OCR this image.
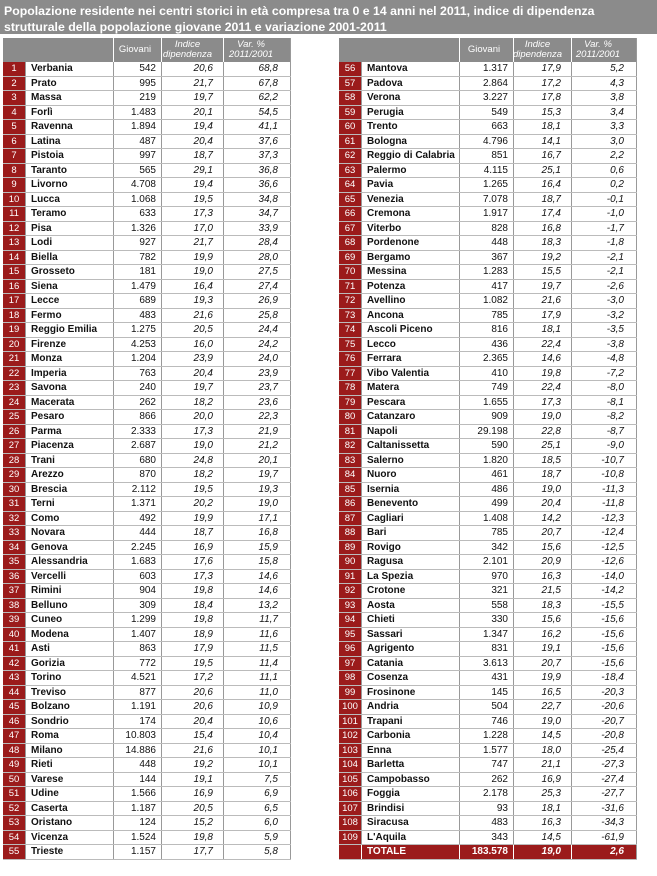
Popolazione residente nei centri storici in età compresa tra 0 e 14 anni nel 2011, indice di dipendenza strutturale della popolazione giovane 2011 e variazione 2001-2011
Giovani	Indice dipendenza
Var. % 2011/2001
1	Verbania	542	20,6	68,8
2	Prato	995	21,7	67,8
3	Massa	219	19,7	62,2
4	Forlì	1.483	20,1	54,5
5	Ravenna	1.894	19,4	41,1
6	Latina	487	20,4	37,6
7	Pistoia	997	18,7	37,3
8	Taranto	565	29,1	36,8
9	Livorno	4.708	19,4	36,6
10	Lucca	1.068	19,5	34,8
11	Teramo	633	17,3	34,7
12	Pisa	1.326	17,0	33,9
13	Lodi	927	21,7	28,4
14	Biella	782	19,9	28,0
15	Grosseto	181	19,0	27,5
16	Siena	1.479	16,4	27,4
17	Lecce	689	19,3	26,9
18	Fermo	483	21,6	25,8
19	Reggio Emilia	1.275	20,5	24,4
20	Firenze	4.253	16,0	24,2
21	Monza	1.204	23,9	24,0
22	Imperia	763	20,4	23,9
23	Savona	240	19,7	23,7
24	Macerata	262	18,2	23,6
25	Pesaro	866	20,0	22,3
26	Parma	2.333	17,3	21,9
27	Piacenza	2.687	19,0	21,2
28	Trani	680	24,8	20,1
29	Arezzo	870	18,2	19,7
30	Brescia	2.112	19,5	19,3
31	Terni	1.371	20,2	19,0
32	Como	492	19,9	17,1
33	Novara	444	18,7	16,8
34	Genova	2.245	16,9	15,9
35	Alessandria	1.683	17,6	15,8
36	Vercelli	603	17,3	14,6
37	Rimini	904	19,8	14,6
38	Belluno	309	18,4	13,2
39	Cuneo	1.299	19,8	11,7
40	Modena	1.407	18,9	11,6
41	Asti	863	17,9	11,5
42	Gorizia	772	19,5	11,4
43	Torino	4.521	17,2	11,1
44	Treviso	877	20,6	11,0
45	Bolzano	1.191	20,6	10,9
46	Sondrio	174	20,4	10,6
47	Roma	10.803	15,4	10,4
48	Milano	14.886	21,6	10,1
49	Rieti	448	19,2	10,1
50	Varese	144	19,1	7,5
51	Udine	1.566	16,9	6,9
52	Caserta	1.187	20,5	6,5
53	Oristano	124	15,2	6,0
54	Vicenza	1.524	19,8	5,9
55	Trieste	1.157	17,7	5,8
Giovani	Indice dipendenza
Var. % 2011/2001
56	Mantova	1.317	17,9	5,2
57	Padova	2.864	17,2	4,3
58	Verona	3.227	17,8	3,8
59	Perugia	549	15,3	3,4
60	Trento	663	18,1	3,3
61	Bologna	4.796	14,1	3,0
62	Reggio di Calabria	851	16,7	2,2
63	Palermo	4.115	25,1	0,6
64	Pavia	1.265	16,4	0,2
65	Venezia	7.078	18,7	-0,1
66	Cremona	1.917	17,4	-1,0
67	Viterbo	828	16,8	-1,7
68	Pordenone	448	18,3	-1,8
69	Bergamo	367	19,2	-2,1
70	Messina	1.283	15,5	-2,1
71	Potenza	417	19,7	-2,6
72	Avellino	1.082	21,6	-3,0
73	Ancona	785	17,9	-3,2
74	Ascoli Piceno	816	18,1	-3,5
75	Lecco	436	22,4	-3,8
76	Ferrara	2.365	14,6	-4,8
77	Vibo Valentia	410	19,8	-7,2
78	Matera	749	22,4	-8,0
79	Pescara	1.655	17,3	-8,1
80	Catanzaro	909	19,0	-8,2
81	Napoli	29.198	22,8	-8,7
82	Caltanissetta	590	25,1	-9,0
83	Salerno	1.820	18,5	-10,7
84	Nuoro	461	18,7	-10,8
85	Isernia	486	19,0	-11,3
86	Benevento	499	20,4	-11,8
87	Cagliari	1.408	14,2	-12,3
88	Bari	785	20,7	-12,4
89	Rovigo	342	15,6	-12,5
90	Ragusa	2.101	20,9	-12,6
91	La Spezia	970	16,3	-14,0
92	Crotone	321	21,5	-14,2
93	Aosta	558	18,3	-15,5
94	Chieti	330	15,6	-15,6
95	Sassari	1.347	16,2	-15,6
96	Agrigento	831	19,1	-15,6
97	Catania	3.613	20,7	-15,6
98	Cosenza	431	19,9	-18,4
99	Frosinone	145	16,5	-20,3
100 Andria	504	22,7	-20,6
101 Trapani	746	19,0	-20,7
102 Carbonia	1.228	14,5	-20,8
103 Enna	1.577	18,0	-25,4
104 Barletta	747	21,1	-27,3
105 Campobasso	262	16,9	-27,4
106 Foggia	2.178	25,3	-27,7
107 Brindisi	93	18,1	-31,6
108 Siracusa	483	16,3	-34,3
109 L'Aquila	343	14,5	-61,9
TOTALE	183.578	19,0	2,6
